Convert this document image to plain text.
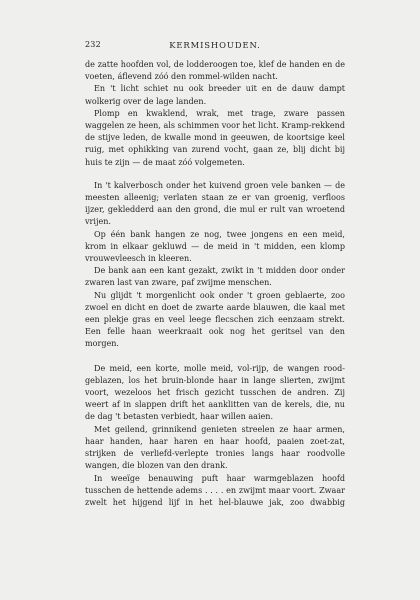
232	KERMISHOUDEN.

de zatte hoofden vol, de lodderoogen toe, klef de handen en de voeten, áflevend zóó den rommel-wilden nacht.

En 't licht schiet nu ook breeder uit en de dauw dampt wolkerig over de lage landen.

Plomp en kwaklend, wrak, met trage, zware passen waggelen ze heen, als schimmen voor het licht. Kramp-rekkend de stijve leden, de kwalle mond in geeuwen, de koortsige keel ruig, met ophikking van zurend vocht, gaan ze, blij dicht bij huis te zijn — de maat zóó volgemeten.

In 't kalverbosch onder het kuivend groen vele banken — de meesten alleenig; verlaten staan ze er van groenig, verfloos ijzer, gekledderd aan den grond, die mul er rult van wroetend vrijen.

Op één bank hangen ze nog, twee jongens en een meid, krom in elkaar gekluwd — de meid in 't midden, een klomp vrouwevleesch in kleeren.

De bank aan een kant gezakt, zwikt in 't midden door onder zwaren last van zware, paf zwijme menschen.

Nu glijdt 't morgenlicht ook onder 't groen geblaerte, zoo zwoel en dicht en doet de zwarte aarde blauwen, die kaal met een plekje gras en veel leege fleсschen zich eenzaam strekt. Een felle haan weerkraait ook nog het geritsel van den morgen.

De meid, een korte, molle meid, vol-rijp, de wangen rood-geblazen, los het bruin-blonde haar in lange slierten, zwijmt voort, wezeloos het frisch gezicht tusschen de andren. Zij weert af in slappen drift het aanklitten van de kerels, die, nu de dag 't betasten verbiedt, haar willen aaien.

Met geilend, grinnikend genieten streelen ze haar armen, haar handen, haar haren en haar hoofd, paaien zoet-zat, strijken de verliefd-verlepte tronies langs haar roodvolle wangen, die blozen van den drank.

In weeïge benauwing puft haar warmgeblazen hoofd tusschen de hettende adems . . . . en zwijmt maar voort. Zwaar zwelt het hijgend lijf in het hel-blauwe jak, zoo dwabbig
